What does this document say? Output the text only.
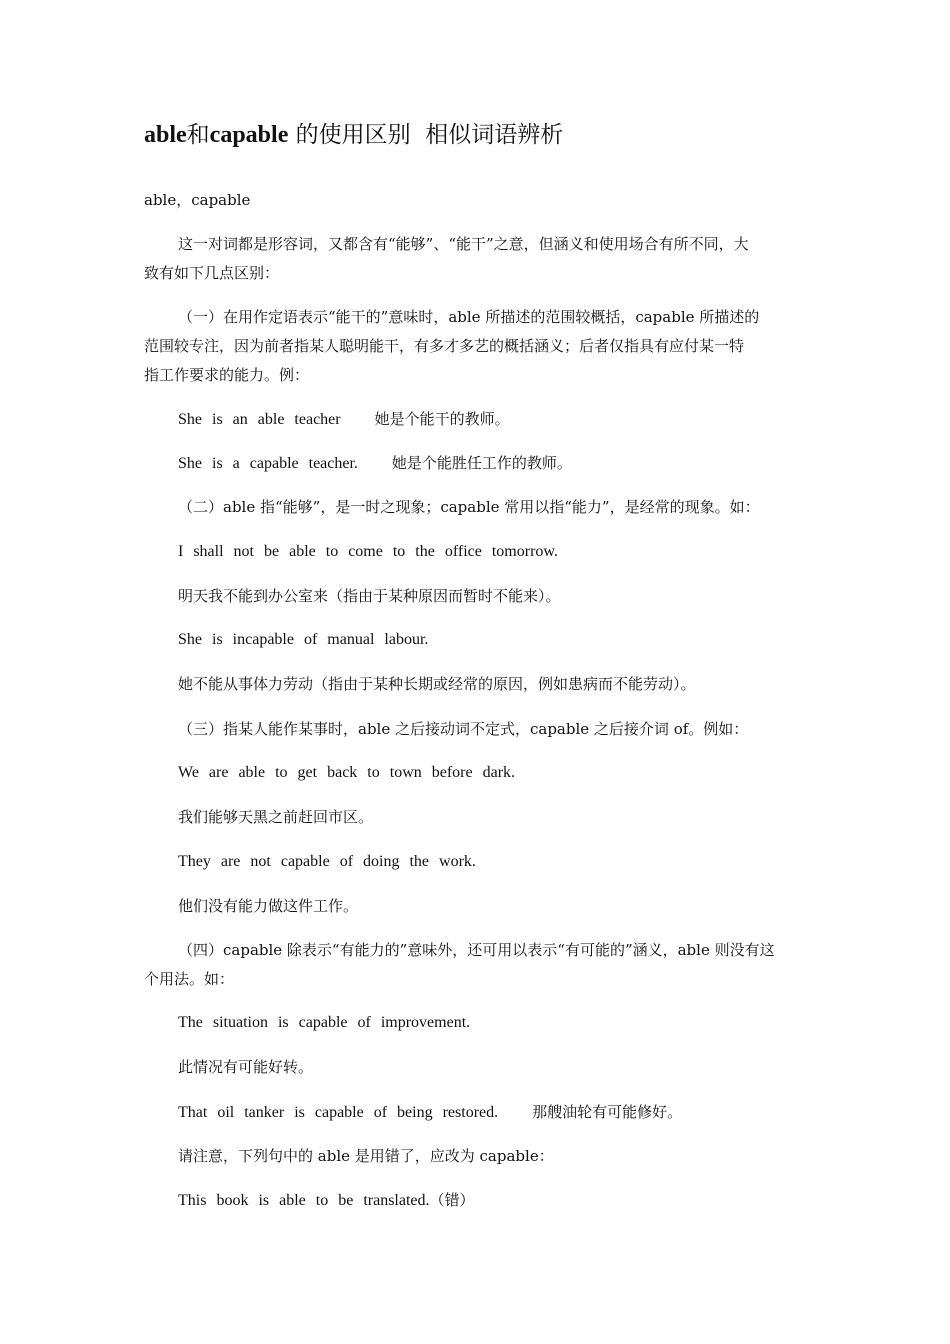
able和capable 的使用区别  相似词语辨析
able，capable
这一对词都是形容词，又都含有“能够”、“能干”之意，但涵义和使用场合有所不同，大
致有如下几点区别：
（一）在用作定语表示“能干的”意味时，able 所描述的范围较概括，capable 所描述的
范围较专注，因为前者指某人聪明能干，有多才多艺的概括涵义；后者仅指具有应付某一特
指工作要求的能力。例：
She is an able teacher 她是个能干的教师。
She is a capable teacher. 她是个能胜任工作的教师。
（二）able 指“能够”，是一时之现象；capable 常用以指“能力”，是经常的现象。如：
I shall not be able to come to the office tomorrow.
明天我不能到办公室来（指由于某种原因而暂时不能来）。
She is incapable of manual labour.
她不能从事体力劳动（指由于某种长期或经常的原因，例如患病而不能劳动）。
（三）指某人能作某事时，able 之后接动词不定式，capable 之后接介词 of。例如：
We are able to get back to town before dark.
我们能够天黑之前赶回市区。
They are not capable of doing the work.
他们没有能力做这件工作。
（四）capable 除表示“有能力的”意味外，还可用以表示“有可能的”涵义，able 则没有这
个用法。如：
The situation is capable of improvement.
此情况有可能好转。
That oil tanker is capable of being restored. 那艘油轮有可能修好。
请注意，下列句中的 able 是用错了，应改为 capable：
This book is able to be translated.（错）
